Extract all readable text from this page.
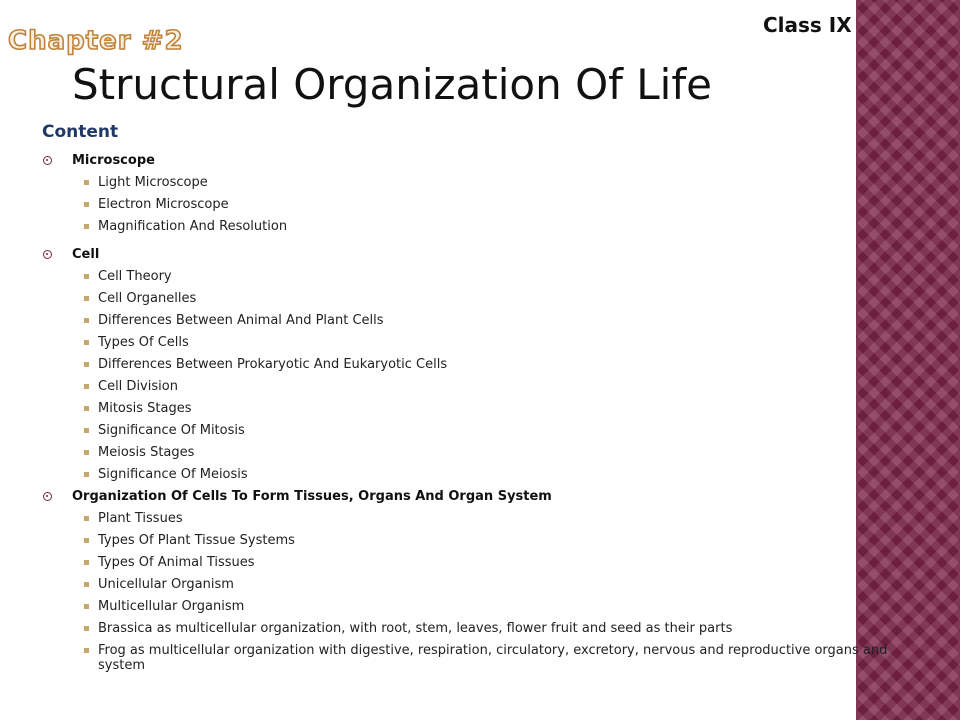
Chapter #2
Class IX
Structural Organization Of Life
Content
Microscope
Light Microscope
Electron Microscope
Magnification And Resolution
Cell
Cell Theory
Cell Organelles
Differences Between Animal And Plant Cells
Types Of Cells
Differences Between Prokaryotic And Eukaryotic Cells
Cell Division
Mitosis Stages
Significance Of Mitosis
Meiosis Stages
Significance Of Meiosis
Organization Of Cells To Form Tissues, Organs And Organ System
Plant Tissues
Types Of Plant Tissue Systems
Types Of Animal Tissues
Unicellular Organism
Multicellular Organism
Brassica as multicellular organization, with root, stem, leaves, flower fruit and seed as their parts
Frog as multicellular organization with digestive, respiration, circulatory, excretory, nervous and reproductive organs and system
